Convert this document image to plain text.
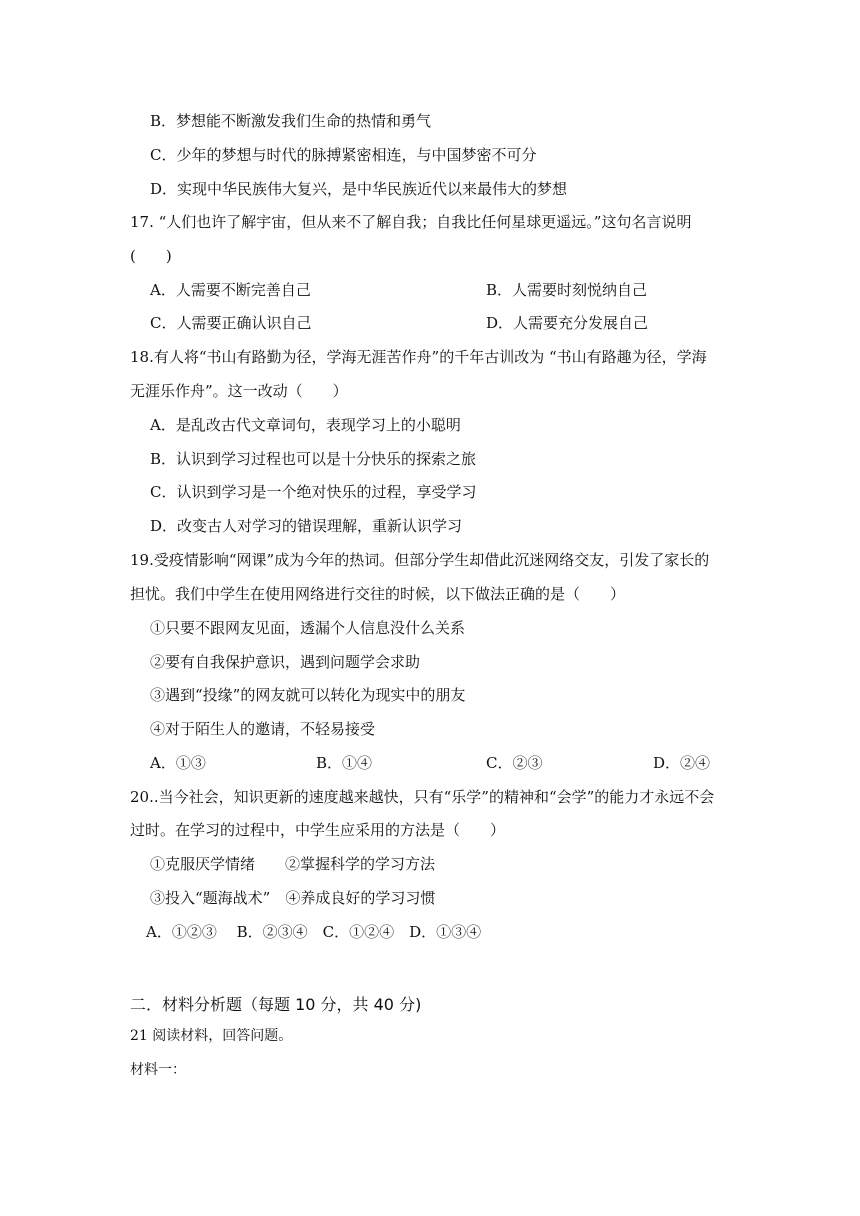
B．梦想能不断激发我们生命的热情和勇气
C．少年的梦想与时代的脉搏紧密相连，与中国梦密不可分
D．实现中华民族伟大复兴，是中华民族近代以来最伟大的梦想
17. “人们也许了解宇宙，但从来不了解自我；自我比任何星球更遥远。”这句名言说明
(　　)
A．人需要不断完善自己	B．人需要时刻悦纳自己
C．人需要正确认识自己	D．人需要充分发展自己
18.有人将“书山有路勤为径，学海无涯苦作舟”的千年古训改为 “书山有路趣为径，学海
无涯乐作舟”。这一改动（　　）
A．是乱改古代文章词句，表现学习上的小聪明
B．认识到学习过程也可以是十分快乐的探索之旅
C．认识到学习是一个绝对快乐的过程，享受学习
D．改变古人对学习的错误理解，重新认识学习
19.受疫情影响“网课”成为今年的热词。但部分学生却借此沉迷网络交友，引发了家长的
担忧。我们中学生在使用网络进行交往的时候，以下做法正确的是（　　）
①只要不跟网友见面，透漏个人信息没什么关系
②要有自我保护意识，遇到问题学会求助
③遇到“投缘”的网友就可以转化为现实中的朋友
④对于陌生人的邀请，不轻易接受
A．①③	B．①④	C．②③	D．②④
20..当今社会，知识更新的速度越来越快，只有“乐学”的精神和“会学”的能力才永远不会
过时。在学习的过程中，中学生应采用的方法是（　　）
①克服厌学情绪　　②掌握科学的学习方法
③投入“题海战术”　④养成良好的学习习惯
A．①②③　 B．②③④　C．①②④　D．①③④
二．材料分析题（每题 10 分，共 40 分)
21 阅读材料，回答问题。
材料一：
